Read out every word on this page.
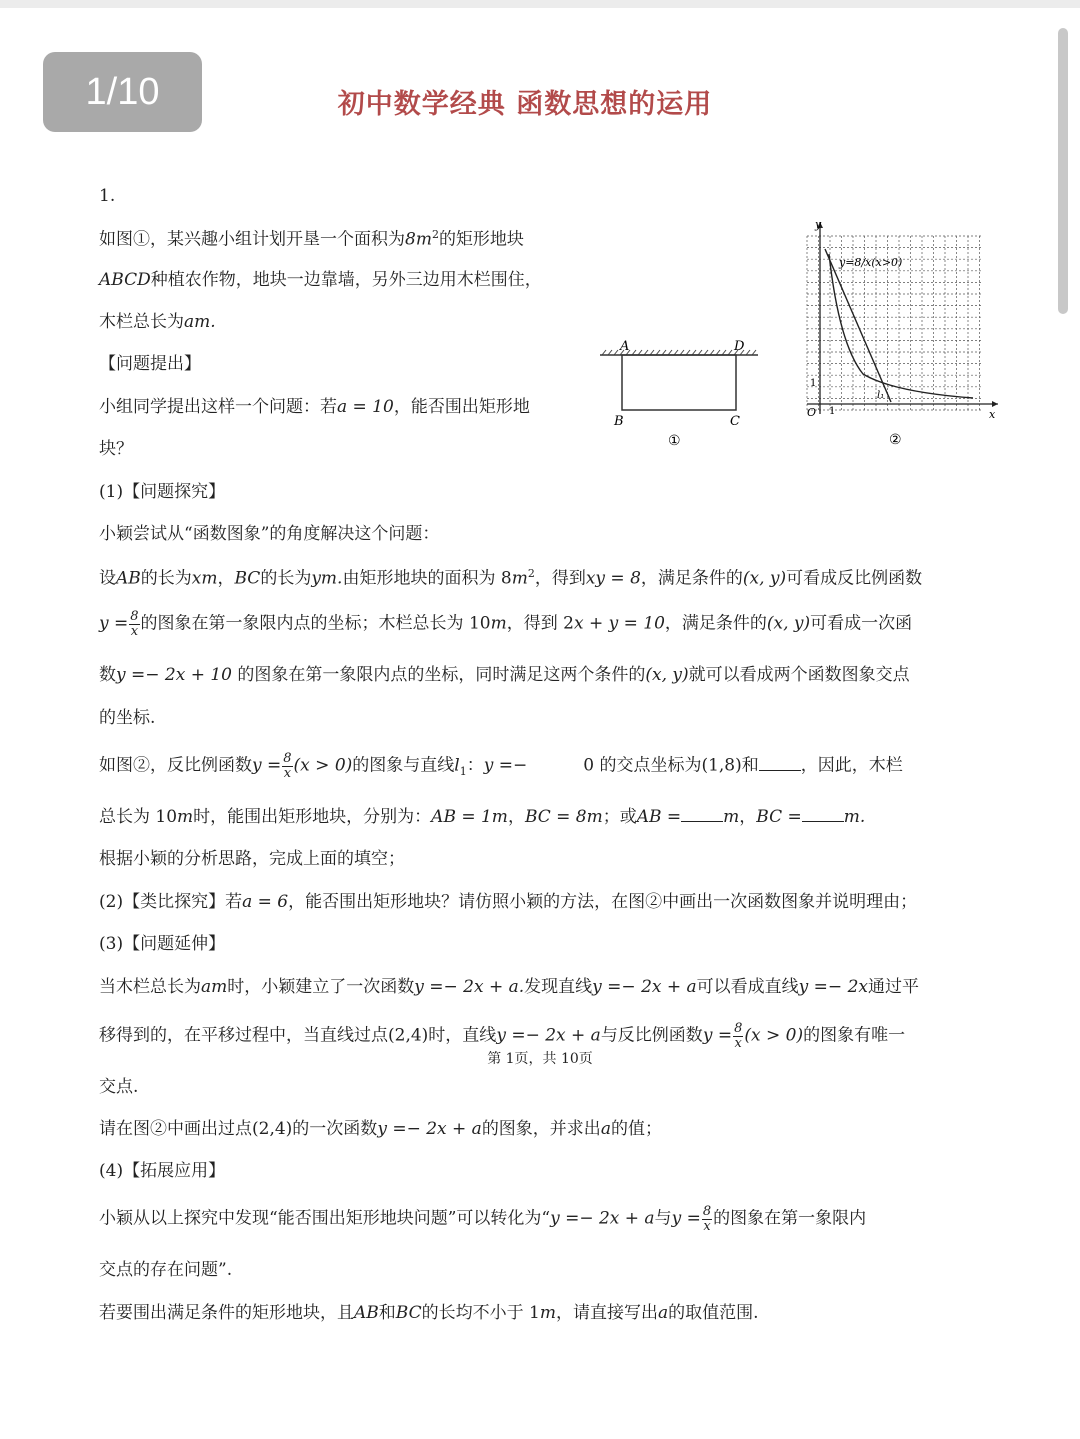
1/10	初中数学经典 函数思想的运用
1.
如图①，某兴趣小组计划开垦一个面积为$8m^2$的矩形地块
ABCD种植农作物，地块一边靠墙，另外三边用木栏围住，
木栏总长为am.
【问题提出】
小组同学提出这样一个问题：若a = 10，能否围出矩形地
块？
(1)【问题探究】
小颖尝试从“函数图象”的角度解决这个问题：
设AB的长为xm，BC的长为ym.由矩形地块的面积为 $8m^2$，得到xy = 8，满足条件的(x, y)可看成反比例函数
$y = \frac{8}{x}$ 的图象在第一象限内点的坐标；木栏总长为 10m，得到 2x + y = 10，满足条件的(x, y)可看成一次函
数y =− 2x + 10 的图象在第一象限内点的坐标，同时满足这两个条件的(x, y)就可以看成两个函数图象交点
的坐标.
如图②，反比例函数$y = \frac{8}{x} (x > 0)$的图象与直线$l_1$：y =−	0 的交点坐标为(1,8)和 ，因此，木栏
总长为 10m时，能围出矩形地块，分别为：AB = 1m，BC = 8m；或AB = m，BC = m.
根据小颖的分析思路，完成上面的填空；
(2)【类比探究】若a = 6，能否围出矩形地块？请仿照小颖的方法，在图②中画出一次函数图象并说明理由；
(3)【问题延伸】
当木栏总长为am时，小颖建立了一次函数y =− 2x + a.发现直线y =− 2x + a可以看成直线y =− 2x通过平
移得到的，在平移过程中，当直线过点(2,4)时，直线y =− 2x + a与反比例函数$y = \frac{8}{x} (x > 0)$的图象有唯一
交点.
请在图②中画出过点(2,4)的一次函数y =− 2x + a的图象，并求出a的值；
(4)【拓展应用】
小颖从以上探究中发现“能否围出矩形地块问题”可以转化为“y =− 2x + a与$y = \frac{8}{x}$ 的图象在第一象限内
交点的存在问题”.
若要围出满足条件的矩形地块，且AB和BC的长均不小于 1m，请直接写出a的取值范围.
A	D
B	C
①
y
x
O
1
1
l₁
y=8/x(x>0)
②
第 1页，共 10页
